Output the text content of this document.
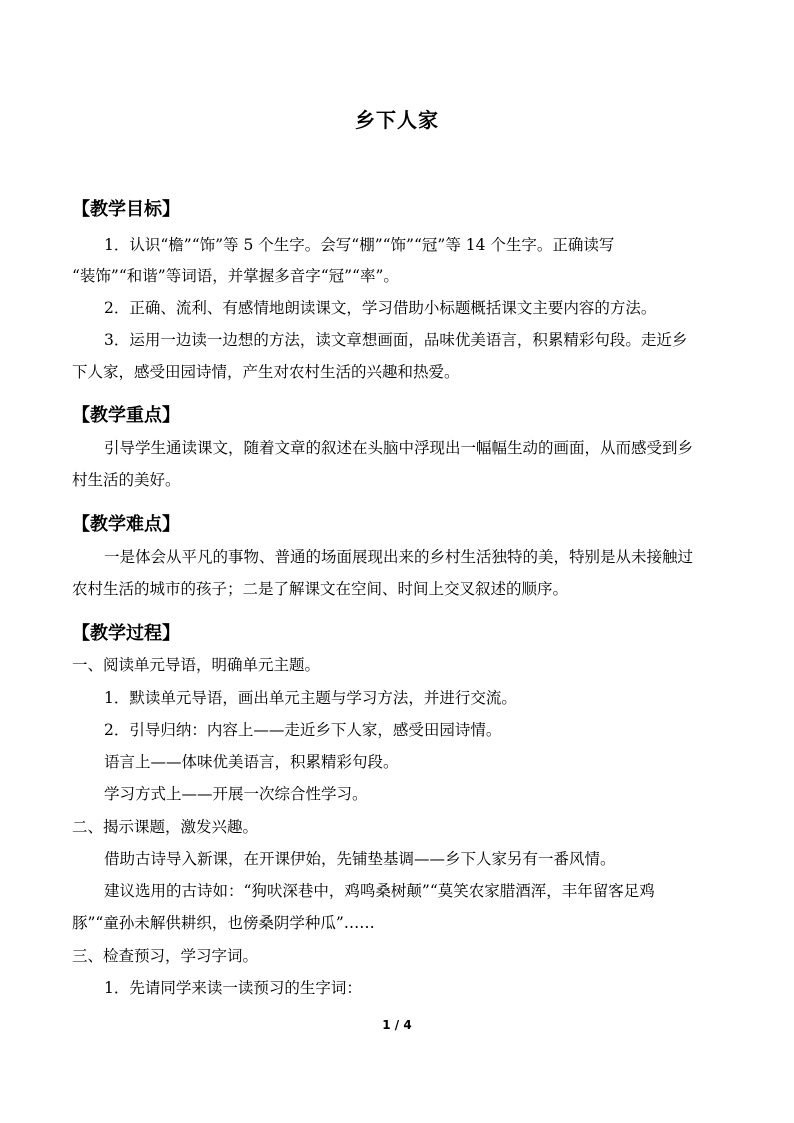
乡下人家
【教学目标】
1．认识“檐”“饰”等 5 个生字。会写“棚”“饰”“冠”等 14 个生字。正确读写
“装饰”“和谐”等词语，并掌握多音字“冠”“率”。
2．正确、流利、有感情地朗读课文，学习借助小标题概括课文主要内容的方法。
3．运用一边读一边想的方法，读文章想画面，品味优美语言，积累精彩句段。走近乡
下人家，感受田园诗情，产生对农村生活的兴趣和热爱。
【教学重点】
引导学生通读课文，随着文章的叙述在头脑中浮现出一幅幅生动的画面，从而感受到乡
村生活的美好。
【教学难点】
一是体会从平凡的事物、普通的场面展现出来的乡村生活独特的美，特别是从未接触过
农村生活的城市的孩子；二是了解课文在空间、时间上交叉叙述的顺序。
【教学过程】
一、阅读单元导语，明确单元主题。
1．默读单元导语，画出单元主题与学习方法，并进行交流。
2．引导归纳：内容上——走近乡下人家，感受田园诗情。
语言上——体味优美语言，积累精彩句段。
学习方式上——开展一次综合性学习。
二、揭示课题，激发兴趣。
借助古诗导入新课，在开课伊始，先铺垫基调——乡下人家另有一番风情。
建议选用的古诗如：“狗吠深巷中，鸡鸣桑树颠”“莫笑农家腊酒浑，丰年留客足鸡
豚”“童孙未解供耕织，也傍桑阴学种瓜”……
三、检查预习，学习字词。
1．先请同学来读一读预习的生字词：
1 / 4
